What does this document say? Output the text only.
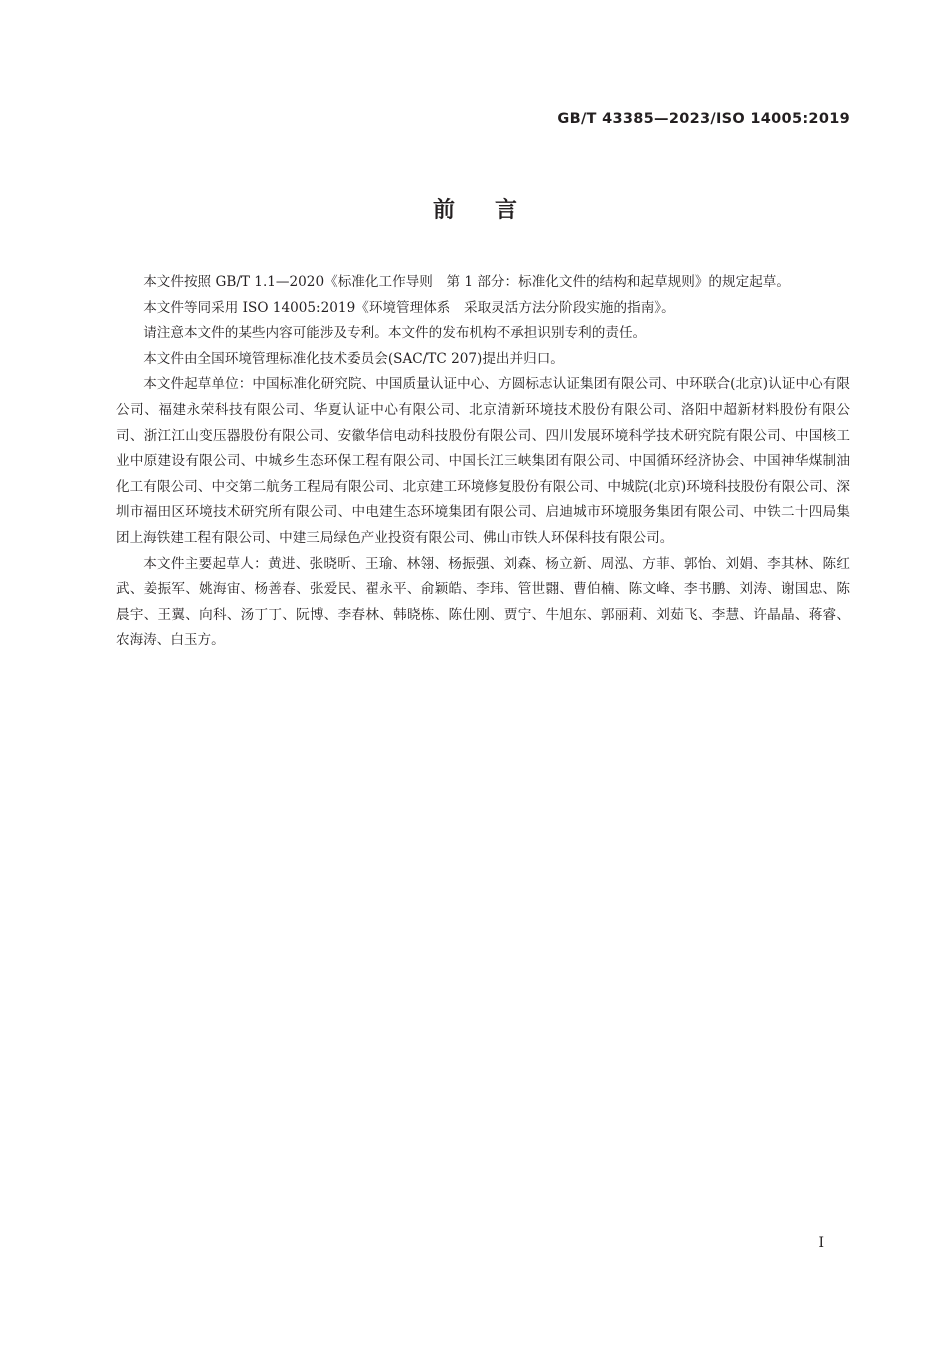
GB/T 43385—2023/ISO 14005:2019
前言

本文件按照 GB/T 1.1—2020《标准化工作导则　第 1 部分：标准化文件的结构和起草规则》的规定起草。

本文件等同采用 ISO 14005:2019《环境管理体系　采取灵活方法分阶段实施的指南》。

请注意本文件的某些内容可能涉及专利。本文件的发布机构不承担识别专利的责任。

本文件由全国环境管理标准化技术委员会(SAC/TC 207)提出并归口。

本文件起草单位：中国标准化研究院、中国质量认证中心、方圆标志认证集团有限公司、中环联合(北京)认证中心有限公司、福建永荣科技有限公司、华夏认证中心有限公司、北京清新环境技术股份有限公司、洛阳中超新材料股份有限公司、浙江江山变压器股份有限公司、安徽华信电动科技股份有限公司、四川发展环境科学技术研究院有限公司、中国核工业中原建设有限公司、中城乡生态环保工程有限公司、中国长江三峡集团有限公司、中国循环经济协会、中国神华煤制油化工有限公司、中交第二航务工程局有限公司、北京建工环境修复股份有限公司、中城院(北京)环境科技股份有限公司、深圳市福田区环境技术研究所有限公司、中电建生态环境集团有限公司、启迪城市环境服务集团有限公司、中铁二十四局集团上海铁建工程有限公司、中建三局绿色产业投资有限公司、佛山市铁人环保科技有限公司。

本文件主要起草人：黄进、张晓昕、王瑜、林翎、杨振强、刘森、杨立新、周泓、方菲、郭怡、刘娟、李其林、陈红武、姜振军、姚海宙、杨善春、张爱民、翟永平、俞颖皓、李玮、管世翾、曹伯楠、陈文峰、李书鹏、刘涛、谢国忠、陈晨宇、王翼、向科、汤丁丁、阮博、李春林、韩晓栋、陈仕刚、贾宁、牛旭东、郭丽莉、刘茹飞、李慧、许晶晶、蒋睿、农海涛、白玉方。

I
